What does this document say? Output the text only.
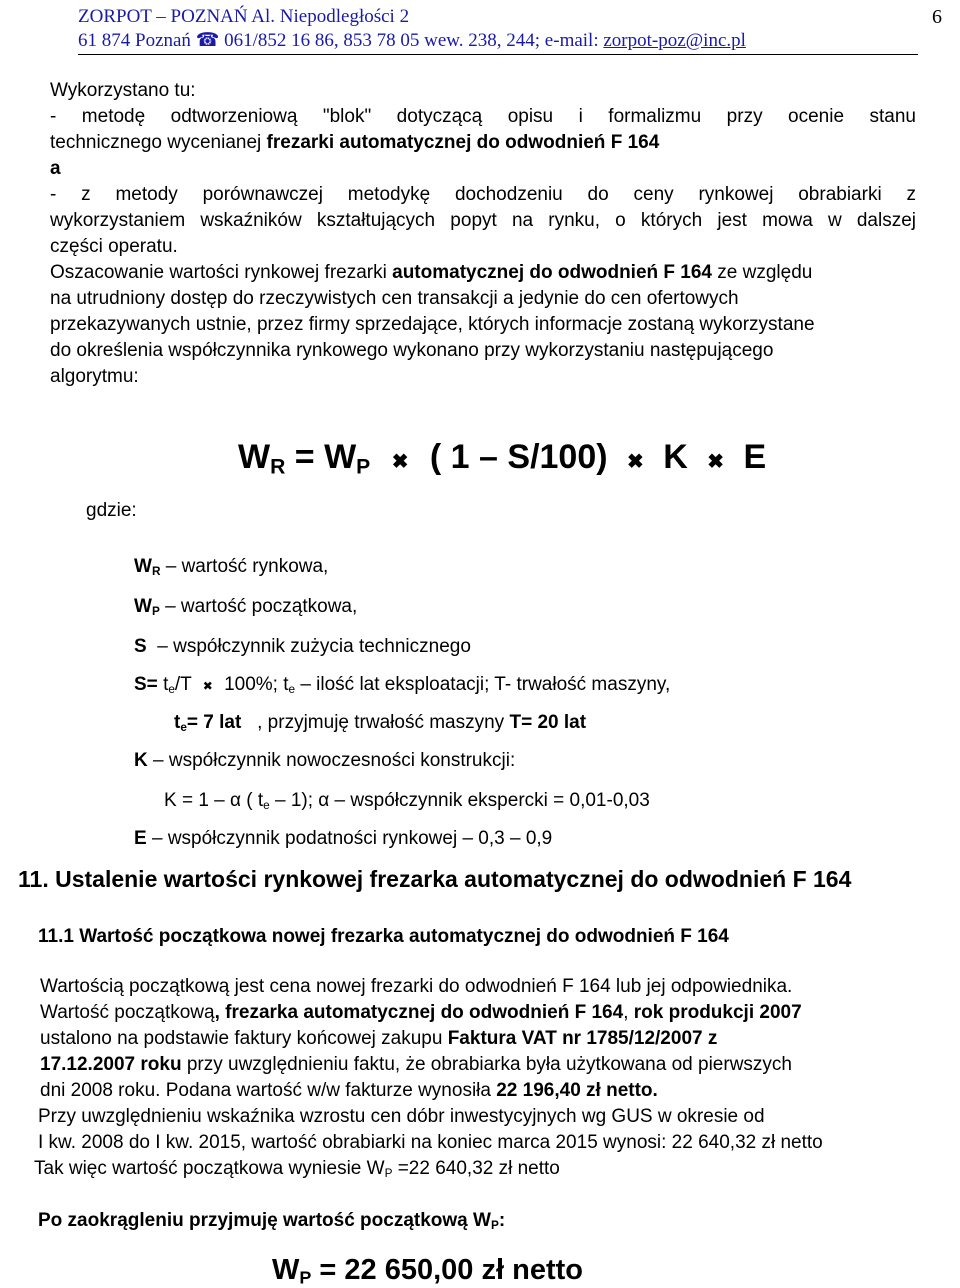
ZORPOT – POZNAŃ Al. Niepodległości 2	6
61 874 Poznań ☎ 061/852 16 86, 853 78 05 wew. 238, 244; e-mail: zorpot-poz@inc.pl
Wykorzystano tu:
- metodę odtworzeniową "blok" dotyczącą opisu i formalizmu przy ocenie stanu
technicznego wycenianej frezarki automatycznej do odwodnień F 164
a
- z metody porównawczej metodykę dochodzeniu do ceny rynkowej obrabiarki z
wykorzystaniem wskaźników kształtujących popyt na rynku, o których jest mowa w dalszej
części operatu.
Oszacowanie wartości rynkowej frezarki automatycznej do odwodnień F 164 ze względu
na utrudniony dostęp do rzeczywistych cen transakcji a jedynie do cen ofertowych
przekazywanych ustnie, przez firmy sprzedające, których informacje zostaną wykorzystane
do określenia współczynnika rynkowego wykonano przy wykorzystaniu następującego
algorytmu:
$W_R = W_P$ ✖ ( 1 – S/100) ✖ K ✖ E
gdzie:
$W_R$ – wartość rynkowa,
$W_P$ – wartość początkowa,
S – współczynnik zużycia technicznego
$S= t_e/T$ ✖ 100%; $t_e$ – ilość lat eksploatacji; T- trwałość maszyny,
$t_e= 7$ lat , przyjmuję trwałość maszyny T= 20 lat
K – współczynnik nowoczesności konstrukcji:
K = 1 – α ( $t_e - 1$); α – współczynnik ekspercki = 0,01-0,03
E – współczynnik podatności rynkowej – 0,3 – 0,9
11. Ustalenie wartości rynkowej frezarka automatycznej do odwodnień F 164
11.1 Wartość początkowa nowej frezarka automatycznej do odwodnień F 164
Wartością początkową jest cena nowej frezarki do odwodnień F 164 lub jej odpowiednika.
Wartość początkową, frezarka automatycznej do odwodnień F 164, rok produkcji 2007
ustalono na podstawie faktury końcowej zakupu Faktura VAT nr 1785/12/2007 z
17.12.2007 roku przy uwzględnieniu faktu, że obrabiarka była użytkowana od pierwszych
dni 2008 roku. Podana wartość w/w fakturze wynosiła 22 196,40 zł netto.
Przy uwzględnieniu wskaźnika wzrostu cen dóbr inwestycyjnych wg GUS w okresie od
I kw. 2008 do I kw. 2015, wartość obrabiarki na koniec marca 2015 wynosi: 22 640,32 zł netto
Tak więc wartość początkowa wyniesie $W_P =22$ 640,32 zł netto
Po zaokrągleniu przyjmuję wartość początkową $W_P$:
$W_P = 22$ 650,00 zł netto
